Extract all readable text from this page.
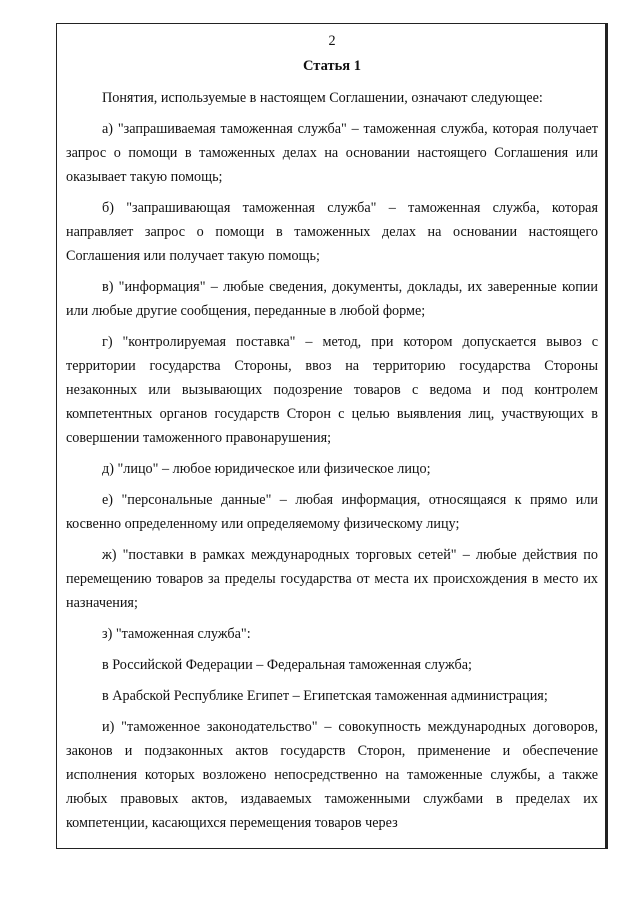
2
Статья 1

Понятия, используемые в настоящем Соглашении, означают следующее:

а) "запрашиваемая таможенная служба" – таможенная служба, которая получает запрос о помощи в таможенных делах на основании настоящего Соглашения или оказывает такую помощь;

б) "запрашивающая таможенная служба" – таможенная служба, которая направляет запрос о помощи в таможенных делах на основании настоящего Соглашения или получает такую помощь;

в) "информация" – любые сведения, документы, доклады, их заверенные копии или любые другие сообщения, переданные в любой форме;

г) "контролируемая поставка" – метод, при котором допускается вывоз с территории государства Стороны, ввоз на территорию государства Стороны незаконных или вызывающих подозрение товаров с ведома и под контролем компетентных органов государств Сторон с целью выявления лиц, участвующих в совершении таможенного правонарушения;

д) "лицо" – любое юридическое или физическое лицо;

е) "персональные данные" – любая информация, относящаяся к прямо или косвенно определенному или определяемому физическому лицу;

ж) "поставки в рамках международных торговых сетей" – любые действия по перемещению товаров за пределы государства от места их происхождения в место их назначения;

з) "таможенная служба":

в Российской Федерации – Федеральная таможенная служба;

в Арабской Республике Египет – Египетская таможенная администрация;

и) "таможенное законодательство" – совокупность международных договоров, законов и подзаконных актов государств Сторон, применение и обеспечение исполнения которых возложено непосредственно на таможенные службы, а также любых правовых актов, издаваемых таможенными службами в пределах их компетенции, касающихся перемещения товаров через
